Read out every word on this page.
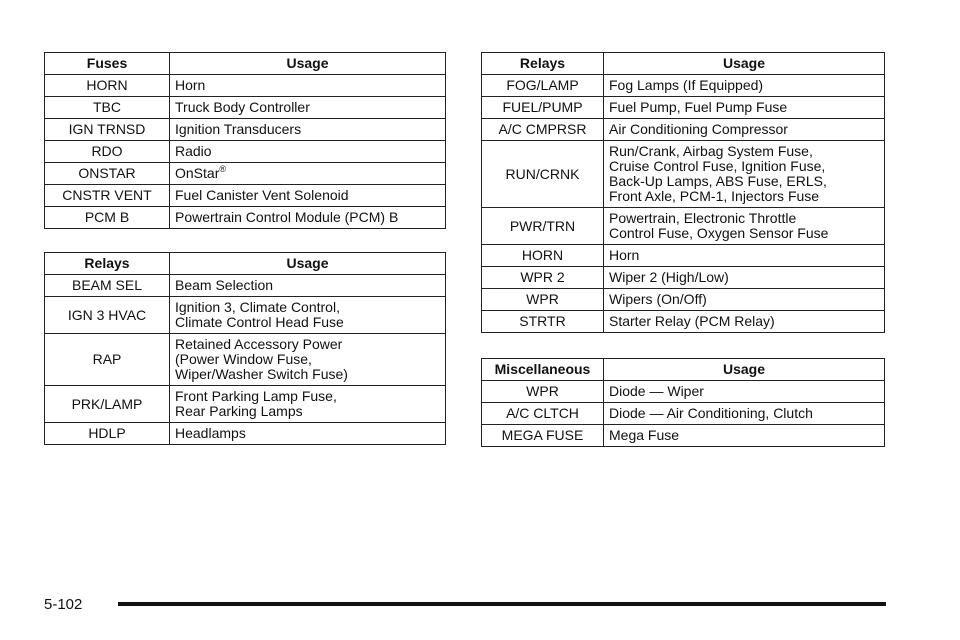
Fuses	Usage
HORN	Horn
TBC	Truck Body Controller
IGN TRNSD	Ignition Transducers
RDO	Radio
ONSTAR	OnStar®
CNSTR VENT	Fuel Canister Vent Solenoid
PCM B	Powertrain Control Module (PCM) B
Relays	Usage
BEAM SEL	Beam Selection

IGN 3 HVAC	Ignition 3, Climate Control,
Climate Control Head Fuse

RAP	Retained Accessory Power
(Power Window Fuse,
Wiper/Washer Switch Fuse)

PRK/LAMP	Front Parking Lamp Fuse,
Rear Parking Lamps

HDLP	Headlamps
Relays	Usage
FOG/LAMP	Fog Lamps (If Equipped)

FUEL/PUMP	Fuel Pump, Fuel Pump Fuse

A/C CMPRSR	Air Conditioning Compressor

RUN/CRNK	Run/Crank, Airbag System Fuse,
Cruise Control Fuse, Ignition Fuse,
Back-Up Lamps, ABS Fuse, ERLS,
Front Axle, PCM-1, Injectors Fuse

PWR/TRN	Powertrain, Electronic Throttle
Control Fuse, Oxygen Sensor Fuse

HORN	Horn

WPR 2	Wiper 2 (High/Low)

WPR	Wipers (On/Off)

STRTR	Starter Relay (PCM Relay)
Miscellaneous	Usage
WPR	Diode — Wiper

A/C CLTCH	Diode — Air Conditioning, Clutch

MEGA FUSE	Mega Fuse
5-102
